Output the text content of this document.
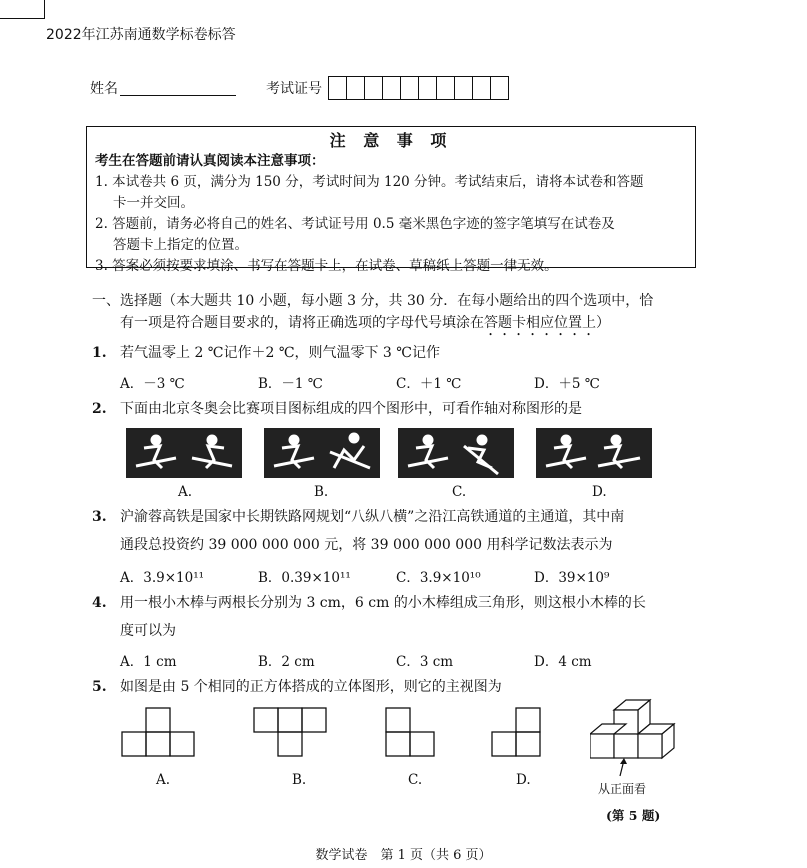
2022年江苏南通数学标卷标答
姓名	考试证号
注 意 事 项

考生在答题前请认真阅读本注意事项：

1. 本试卷共 6 页，满分为 150 分，考试时间为 120 分钟。考试结束后，请将本试卷和答题

卡一并交回。

2. 答题前，请务必将自己的姓名、考试证号用 0.5 毫米黑色字迹的签字笔填写在试卷及

答题卡上指定的位置。

3. 答案必须按要求填涂、书写在答题卡上，在试卷、草稿纸上答题一律无效。

一、选择题（本大题共 10 小题，每小题 3 分，共 30 分．在每小题给出的四个选项中，恰
有一项是符合题目要求的，请将正确选项的字母代号填涂在答题卡相应位置上）
1. 若气温零上 2 ℃记作＋2 ℃，则气温零下 3 ℃记作
A．－3 ℃	B．－1 ℃	C．＋1 ℃	D．＋5 ℃
2. 下面由北京冬奥会比赛项目图标组成的四个图形中，可看作轴对称图形的是
A.	B.	C.	D.
3. 沪渝蓉高铁是国家中长期铁路网规划“八纵八横”之沿江高铁通道的主通道，其中南
通段总投资约 39 000 000 000 元，将 39 000 000 000 用科学记数法表示为
A．3.9×10¹¹	B．0.39×10¹¹	C．3.9×10¹⁰	D．39×10⁹
4. 用一根小木棒与两根长分别为 3 cm，6 cm 的小木棒组成三角形，则这根小木棒的长
度可以为
A．1 cm	B．2 cm	C．3 cm	D．4 cm
5. 如图是由 5 个相同的正方体搭成的立体图形，则它的主视图为
A.	B.	C.	D.
从正面看
(第 5 题)
数学试卷　第 1 页（共 6 页）
